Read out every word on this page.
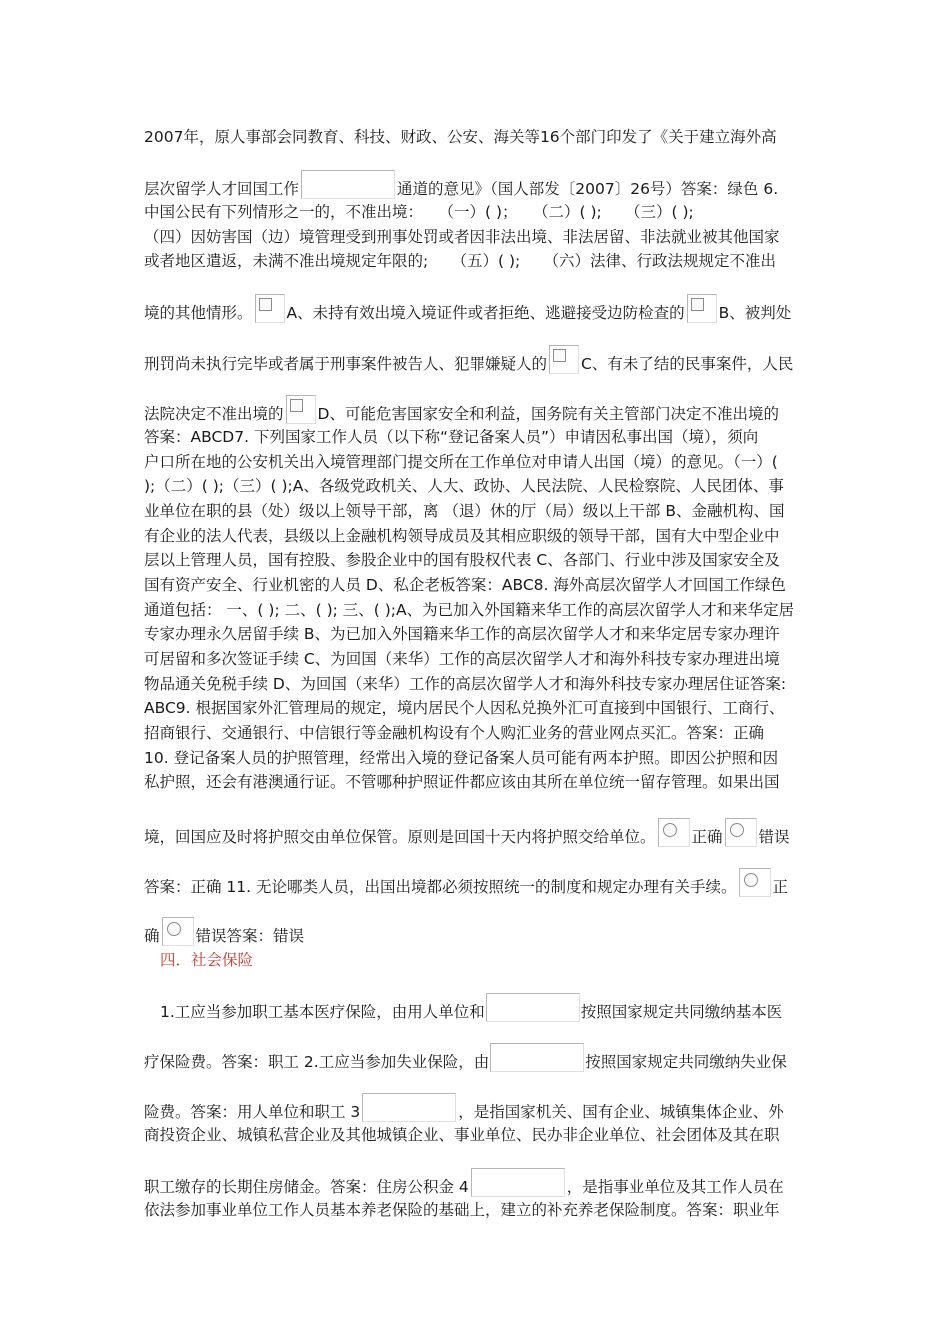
2007年，原人事部会同教育、科技、财政、公安、海关等16个部门印发了《关于建立海外高
层次留学人才回国工作	通道的意见》（国人部发〔2007〕26号）答案：绿色 6.
中国公民有下列情形之一的，不准出境：　　（一）( )；　　（二）( );　　（三）( );
（四）因妨害国（边）境管理受到刑事处罚或者因非法出境、非法居留、非法就业被其他国家
或者地区遣返，未满不准出境规定年限的;　　（五）( );　　（六）法律、行政法规规定不准出
境的其他情形。 A、未持有效出境入境证件或者拒绝、逃避接受边防检查的 B、被判处
刑罚尚未执行完毕或者属于刑事案件被告人、犯罪嫌疑人的 C、有未了结的民事案件，人民
法院决定不准出境的 D、可能危害国家安全和利益，国务院有关主管部门决定不准出境的
答案：ABCD7. 下列国家工作人员（以下称“登记备案人员”）申请因私事出国（境），须向
户口所在地的公安机关出入境管理部门提交所在工作单位对申请人出国（境）的意见。（一）(
);（二）( );（三）( );A、各级党政机关、人大、政协、人民法院、人民检察院、人民团体、事
业单位在职的县（处）级以上领导干部，离 （退）休的厅（局）级以上干部 B、金融机构、国
有企业的法人代表，县级以上金融机构领导成员及其相应职级的领导干部，国有大中型企业中
层以上管理人员，国有控股、参股企业中的国有股权代表 C、各部门、行业中涉及国家安全及
国有资产安全、行业机密的人员 D、私企老板答案：ABC8. 海外高层次留学人才回国工作绿色
通道包括： 一、( ); 二、( ); 三、( );A、为已加入外国籍来华工作的高层次留学人才和来华定居
专家办理永久居留手续 B、为已加入外国籍来华工作的高层次留学人才和来华定居专家办理许
可居留和多次签证手续 C、为回国（来华）工作的高层次留学人才和海外科技专家办理进出境
物品通关免税手续 D、为回国（来华）工作的高层次留学人才和海外科技专家办理居住证答案:
ABC9. 根据国家外汇管理局的规定，境内居民个人因私兑换外汇可直接到中国银行、工商行、
招商银行、交通银行、中信银行等金融机构设有个人购汇业务的营业网点买汇。答案：正确
10. 登记备案人员的护照管理，经常出入境的登记备案人员可能有两本护照。即因公护照和因
私护照，还会有港澳通行证。不管哪种护照证件都应该由其所在单位统一留存管理。如果出国
境，回国应及时将护照交由单位保管。原则是回国十天内将护照交给单位。 正确 错误
答案：正确 11. 无论哪类人员，出国出境都必须按照统一的制度和规定办理有关手续。 正
确 错误答案：错误
四．社会保险
1.工应当参加职工基本医疗保险，由用人单位和	按照国家规定共同缴纳基本医
疗保险费。答案：职工 2.工应当参加失业保险，由	按照国家规定共同缴纳失业保
险费。答案：用人单位和职工 3	，是指国家机关、国有企业、城镇集体企业、外
商投资企业、城镇私营企业及其他城镇企业、事业单位、民办非企业单位、社会团体及其在职
职工缴存的长期住房储金。答案：住房公积金 4	，是指事业单位及其工作人员在
依法参加事业单位工作人员基本养老保险的基础上，建立的补充养老保险制度。答案：职业年
